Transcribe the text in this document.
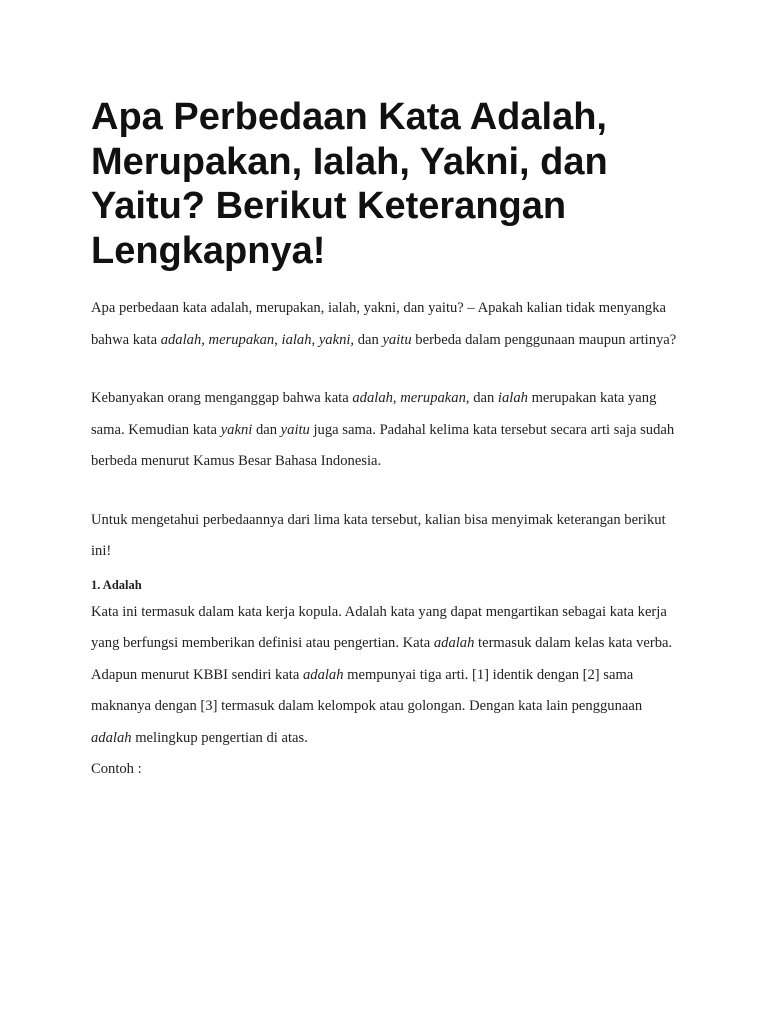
Apa Perbedaan Kata Adalah, Merupakan, Ialah, Yakni, dan Yaitu? Berikut Keterangan Lengkapnya!

Apa perbedaan kata adalah, merupakan, ialah, yakni, dan yaitu? – Apakah kalian tidak menyangka bahwa kata adalah, merupakan, ialah, yakni, dan yaitu berbeda dalam penggunaan maupun artinya?

Kebanyakan orang menganggap bahwa kata adalah, merupakan, dan ialah merupakan kata yang sama. Kemudian kata yakni dan yaitu juga sama. Padahal kelima kata tersebut secara arti saja sudah berbeda menurut Kamus Besar Bahasa Indonesia.

Untuk mengetahui perbedaannya dari lima kata tersebut, kalian bisa menyimak keterangan berikut ini!

1. Adalah

Kata ini termasuk dalam kata kerja kopula. Adalah kata yang dapat mengartikan sebagai kata kerja yang berfungsi memberikan definisi atau pengertian. Kata adalah termasuk dalam kelas kata verba.

Adapun menurut KBBI sendiri kata adalah mempunyai tiga arti. [1] identik dengan [2] sama maknanya dengan [3] termasuk dalam kelompok atau golongan. Dengan kata lain penggunaan adalah melingkup pengertian di atas.

Contoh :
